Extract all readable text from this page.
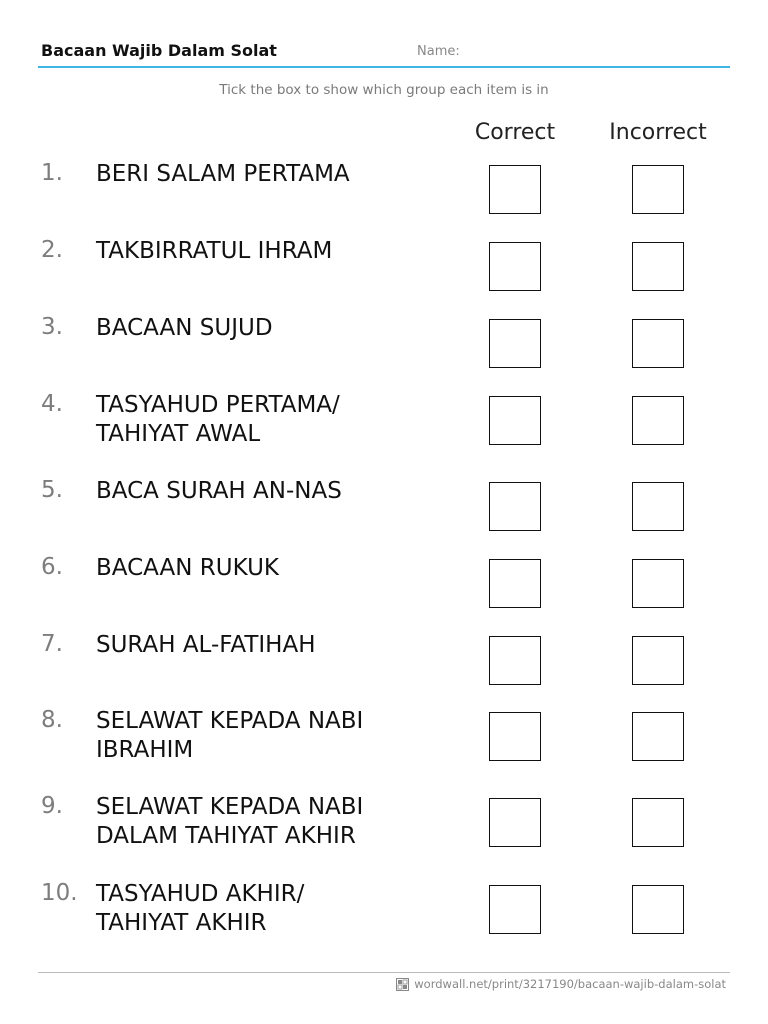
Bacaan Wajib Dalam Solat	Name:
Tick the box to show which group each item is in
Correct	Incorrect
1. BERI SALAM PERTAMA
2. TAKBIRRATUL IHRAM
3. BACAAN SUJUD
4. TASYAHUD PERTAMA/
TAHIYAT AWAL
5. BACA SURAH AN-NAS
6. BACAAN RUKUK
7. SURAH AL-FATIHAH
8. SELAWAT KEPADA NABI
IBRAHIM
9. SELAWAT KEPADA NABI
DALAM TAHIYAT AKHIR
10. TASYAHUD AKHIR/
TAHIYAT AKHIR
wordwall.net/print/3217190/bacaan-wajib-dalam-solat
